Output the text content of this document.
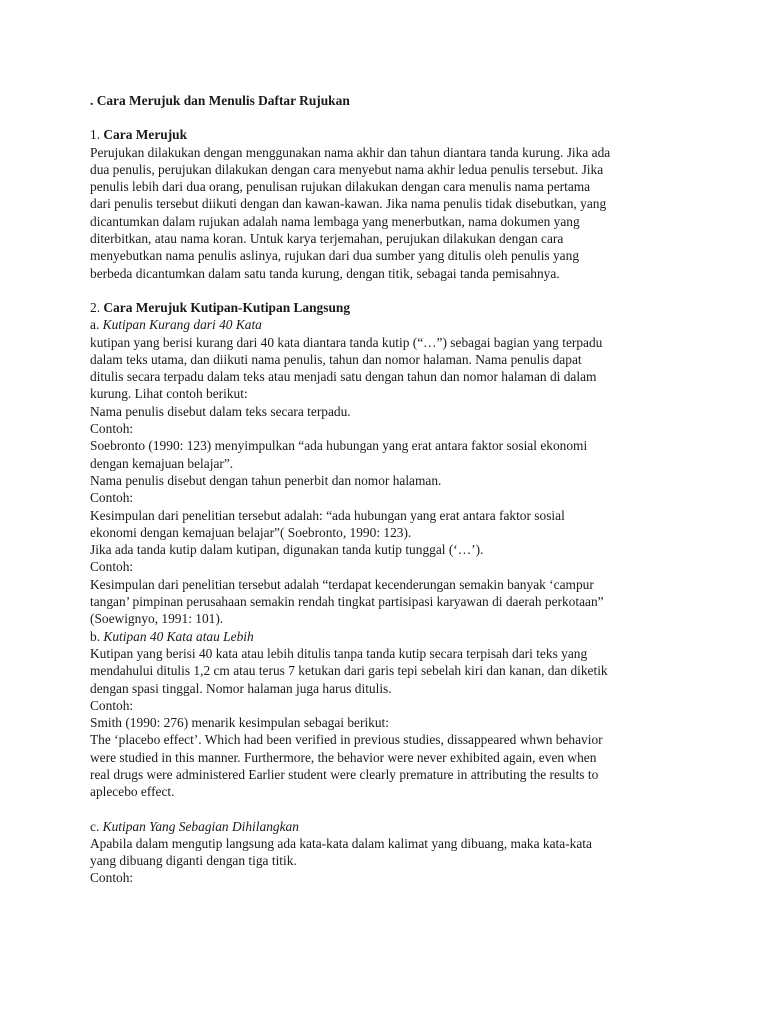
. Cara Merujuk dan Menulis Daftar Rujukan

1. Cara Merujuk

Perujukan dilakukan dengan menggunakan nama akhir dan tahun diantara tanda kurung. Jika ada

dua penulis, perujukan dilakukan dengan cara menyebut nama akhir ledua penulis tersebut. Jika

penulis lebih dari dua orang, penulisan rujukan dilakukan dengan cara menulis nama pertama

dari penulis tersebut diikuti dengan dan kawan-kawan. Jika nama penulis tidak disebutkan, yang

dicantumkan dalam rujukan adalah nama lembaga yang menerbutkan, nama dokumen yang

diterbitkan, atau nama koran. Untuk karya terjemahan, perujukan dilakukan dengan cara

menyebutkan nama penulis aslinya, rujukan dari dua sumber yang ditulis oleh penulis yang

berbeda dicantumkan dalam satu tanda kurung, dengan titik, sebagai tanda pemisahnya.

2. Cara Merujuk Kutipan-Kutipan Langsung

a. Kutipan Kurang dari 40 Kata

kutipan yang berisi kurang dari 40 kata diantara tanda kutip (“…”) sebagai bagian yang terpadu

dalam teks utama, dan diikuti nama penulis, tahun dan nomor halaman. Nama penulis dapat

ditulis secara terpadu dalam teks atau menjadi satu dengan tahun dan nomor halaman di dalam

kurung. Lihat contoh berikut:

Nama penulis disebut dalam teks secara terpadu.

Contoh:

Soebronto (1990: 123) menyimpulkan “ada hubungan yang erat antara faktor sosial ekonomi

dengan kemajuan belajar”.

Nama penulis disebut dengan tahun penerbit dan nomor halaman.

Contoh:

Kesimpulan dari penelitian tersebut adalah: “ada hubungan yang erat antara faktor sosial

ekonomi dengan kemajuan belajar”( Soebronto, 1990: 123).

Jika ada tanda kutip dalam kutipan, digunakan tanda kutip tunggal (‘…’).

Contoh:

Kesimpulan dari penelitian tersebut adalah “terdapat kecenderungan semakin banyak ‘campur

tangan’ pimpinan perusahaan semakin rendah tingkat partisipasi karyawan di daerah perkotaan”

(Soewignyo, 1991: 101).

b. Kutipan 40 Kata atau Lebih

Kutipan yang berisi 40 kata atau lebih ditulis tanpa tanda kutip secara terpisah dari teks yang

mendahului ditulis 1,2 cm atau terus 7 ketukan dari garis tepi sebelah kiri dan kanan, dan diketik

dengan spasi tinggal. Nomor halaman juga harus ditulis.

Contoh:

Smith (1990: 276) menarik kesimpulan sebagai berikut:

The ‘placebo effect’. Which had been verified in previous studies, dissappeared whwn behavior

were studied in this manner. Furthermore, the behavior were never exhibited again, even when

real drugs were administered Earlier student were clearly premature in attributing the results to

aplecebo effect.

c. Kutipan Yang Sebagian Dihilangkan

Apabila dalam mengutip langsung ada kata-kata dalam kalimat yang dibuang, maka kata-kata

yang dibuang diganti dengan tiga titik.

Contoh:
